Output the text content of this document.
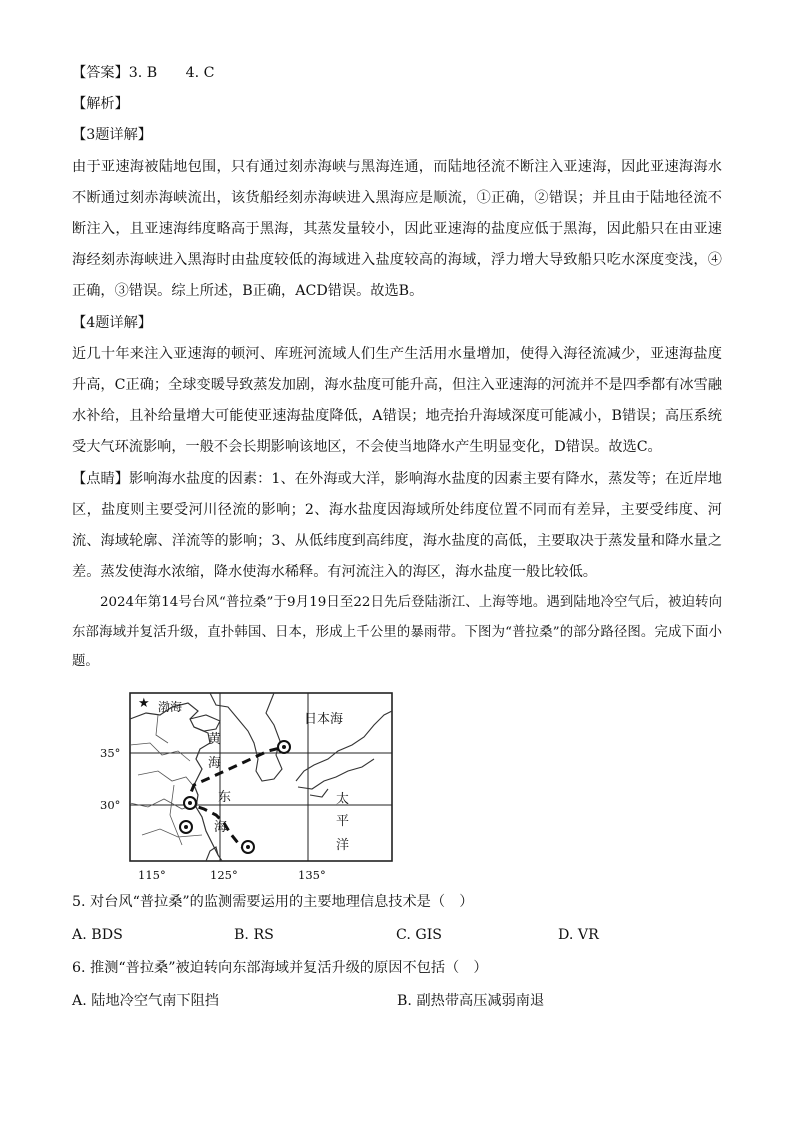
【答案】3. B　　4. C
【解析】
【3题详解】

由于亚速海被陆地包围，只有通过刻赤海峡与黑海连通，而陆地径流不断注入亚速海，因此亚速海海水不断通过刻赤海峡流出，该货船经刻赤海峡进入黑海应是顺流，①正确，②错误；并且由于陆地径流不断注入，且亚速海纬度略高于黑海，其蒸发量较小，因此亚速海的盐度应低于黑海，因此船只在由亚速海经刻赤海峡进入黑海时由盐度较低的海域进入盐度较高的海域，浮力增大导致船只吃水深度变浅，④正确，③错误。综上所述，B正确，ACD错误。故选B。

【4题详解】

近几十年来注入亚速海的顿河、库班河流域人们生产生活用水量增加，使得入海径流减少，亚速海盐度升高，C正确；全球变暖导致蒸发加剧，海水盐度可能升高，但注入亚速海的河流并不是四季都有冰雪融水补给，且补给量增大可能使亚速海盐度降低，A错误；地壳抬升海域深度可能减小，B错误；高压系统受大气环流影响，一般不会长期影响该地区，不会使当地降水产生明显变化，D错误。故选C。

【点睛】影响海水盐度的因素：1、在外海或大洋，影响海水盐度的因素主要有降水，蒸发等；在近岸地区，盐度则主要受河川径流的影响；2、海水盐度因海域所处纬度位置不同而有差异，主要受纬度、河流、海域轮廓、洋流等的影响；3、从低纬度到高纬度，海水盐度的高低，主要取决于蒸发量和降水量之差。蒸发使海水浓缩，降水使海水稀释。有河流注入的海区，海水盐度一般比较低。

2024年第14号台风“普拉桑”于9月19日至22日先后登陆浙江、上海等地。遇到陆地冷空气后，被迫转向东部海域并复活升级，直扑韩国、日本，形成上千公里的暴雨带。下图为“普拉桑”的部分路径图。完成下面小题。

★ 渤海
日本海
黄
海
东
海
太
平
洋
35°
30°
115°	125°	135°

5. 对台风“普拉桑”的监测需要运用的主要地理信息技术是（　）

A. BDS	B. RS	C. GIS	D. VR

6. 推测“普拉桑”被迫转向东部海域并复活升级的原因不包括（　）

A. 陆地冷空气南下阻挡	B. 副热带高压减弱南退
